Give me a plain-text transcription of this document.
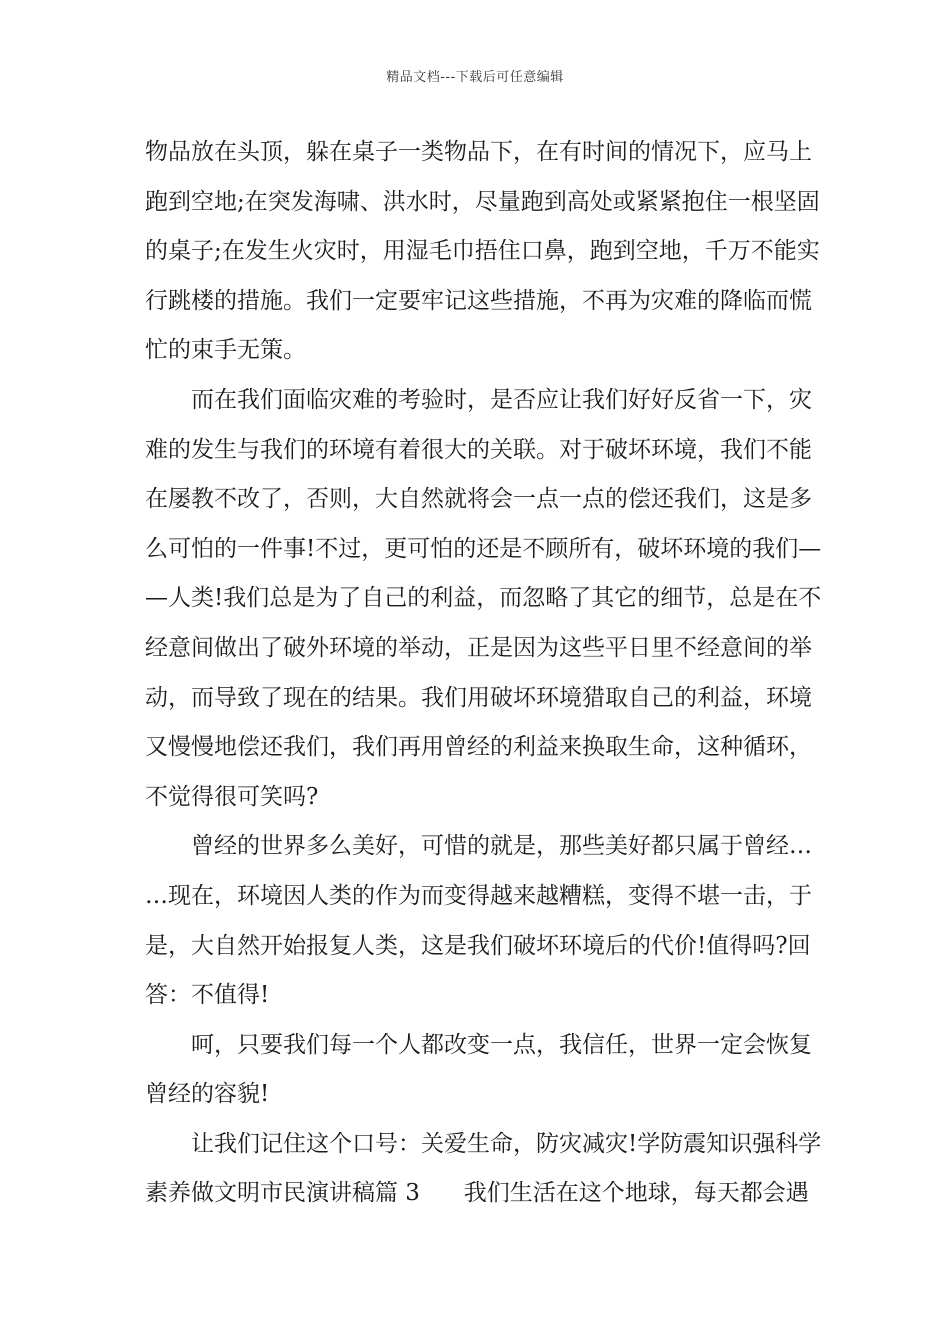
精品文档---下载后可任意编辑
物品放在头顶，躲在桌子一类物品下，在有时间的情况下，应马上
跑到空地;在突发海啸、洪水时，尽量跑到高处或紧紧抱住一根坚固
的桌子;在发生火灾时，用湿毛巾捂住口鼻，跑到空地，千万不能实
行跳楼的措施。我们一定要牢记这些措施，不再为灾难的降临而慌
忙的束手无策。
而在我们面临灾难的考验时，是否应让我们好好反省一下，灾
难的发生与我们的环境有着很大的关联。对于破坏环境，我们不能
在屡教不改了，否则，大自然就将会一点一点的偿还我们，这是多
么可怕的一件事!不过，更可怕的还是不顾所有，破坏环境的我们—
—人类!我们总是为了自己的利益，而忽略了其它的细节，总是在不
经意间做出了破外环境的举动，正是因为这些平日里不经意间的举
动，而导致了现在的结果。我们用破坏环境猎取自己的利益，环境
又慢慢地偿还我们，我们再用曾经的利益来换取生命，这种循环，
不觉得很可笑吗?
曾经的世界多么美好，可惜的就是，那些美好都只属于曾经…
…现在，环境因人类的作为而变得越来越糟糕，变得不堪一击，于
是，大自然开始报复人类，这是我们破坏环境后的代价!值得吗?回
答：不值得!
呵，只要我们每一个人都改变一点，我信任，世界一定会恢复
曾经的容貌!
让我们记住这个口号：关爱生命，防灾减灾!学防震知识强科学
素养做文明市民演讲稿篇 3      我们生活在这个地球，每天都会遇
